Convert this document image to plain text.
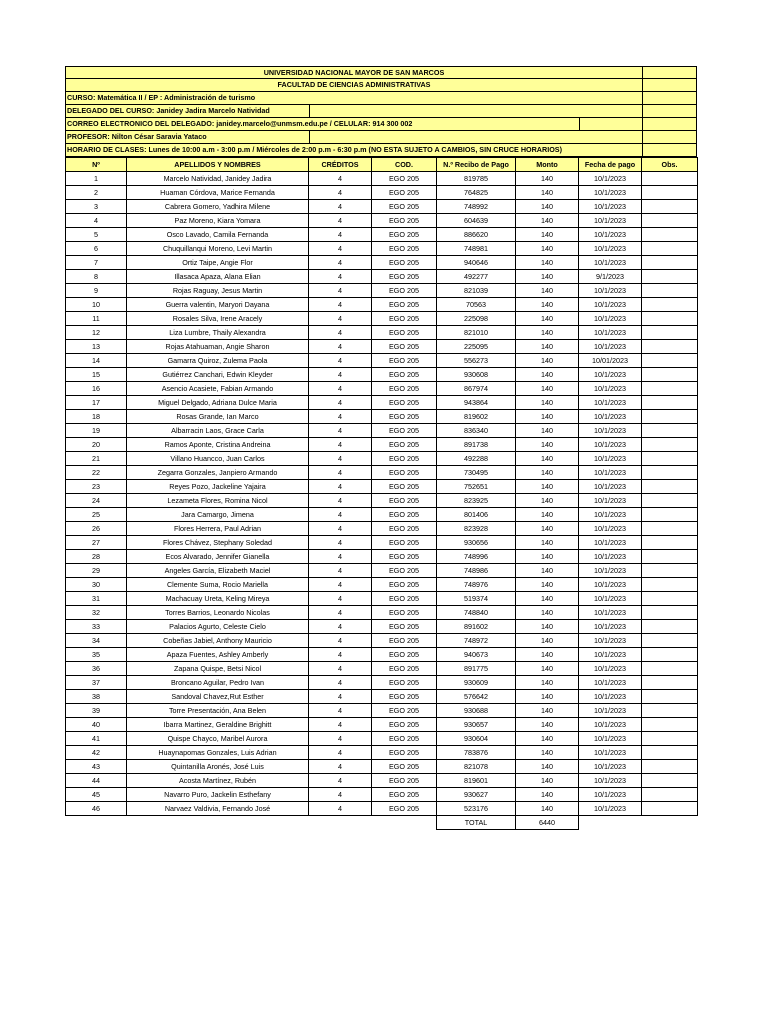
UNIVERSIDAD NACIONAL MAYOR DE SAN MARCOS
FACULTAD DE CIENCIAS ADMINISTRATIVAS
CURSO: Matemática II / EP : Administración de turismo
DELEGADO DEL CURSO: Janidey Jadira Marcelo Natividad
CORREO ELECTRONICO DEL DELEGADO: janidey.marcelo@unmsm.edu.pe / CELULAR: 914 300 002
PROFESOR: Nilton César Saravia Yataco
HORARIO DE CLASES: Lunes de 10:00 a.m - 3:00 p.m / Miércoles de 2:00 p.m - 6:30 p.m (NO ESTA SUJETO A CAMBIOS, SIN CRUCE HORARIOS)
Nº	APELLIDOS Y NOMBRES	CRÉDITOS	COD.	N.º Recibo de Pago	Monto	Fecha de pago	Obs.
1	Marcelo Natividad, Janidey Jadira	4	EGO 205	819785	140	10/1/2023	
2	Huaman Córdova, Marice Fernanda	4	EGO 205	764825	140	10/1/2023	
3	Cabrera Gomero, Yadhira Milene	4	EGO 205	748992	140	10/1/2023	
4	Paz Moreno, Kiara Yomara	4	EGO 205	604639	140	10/1/2023	
5	Osco Lavado, Camila Fernanda	4	EGO 205	886620	140	10/1/2023	
6	Chuquillanqui Moreno, Levi Martin	4	EGO 205	748981	140	10/1/2023	
7	Ortiz Taipe, Angie Flor	4	EGO 205	940646	140	10/1/2023	
8	Illasaca Apaza, Alana Elian	4	EGO 205	492277	140	9/1/2023	
9	Rojas Raguay, Jesus Martin	4	EGO 205	821039	140	10/1/2023	
10	Guerra valentin, Maryori Dayana	4	EGO 205	70563	140	10/1/2023	
11	Rosales Silva, Irene Aracely	4	EGO 205	225098	140	10/1/2023	
12	Liza Lumbre, Thaily Alexandra	4	EGO 205	821010	140	10/1/2023	
13	Rojas Atahuaman, Angie Sharon	4	EGO 205	225095	140	10/1/2023	
14	Gamarra Quiroz, Zulema Paola	4	EGO 205	556273	140	10/01/2023	
15	Gutiérrez Canchari, Edwin Kleyder	4	EGO 205	930608	140	10/1/2023	
16	Asencio Acasiete, Fabian Armando	4	EGO 205	867974	140	10/1/2023	
17	Miguel Delgado, Adriana Dulce Maria	4	EGO 205	943864	140	10/1/2023	
18	Rosas Grande, Ian Marco	4	EGO 205	819602	140	10/1/2023	
19	Albarracin Laos, Grace Carla	4	EGO 205	836340	140	10/1/2023	
20	Ramos Aponte, Cristina Andreina	4	EGO 205	891738	140	10/1/2023	
21	Villano Huancco, Juan Carlos	4	EGO 205	492288	140	10/1/2023	
22	Zegarra Gonzales, Janpiero Armando	4	EGO 205	730495	140	10/1/2023	
23	Reyes Pozo, Jackeline Yajaira	4	EGO 205	752651	140	10/1/2023	
24	Lezameta Flores, Romina Nicol	4	EGO 205	823925	140	10/1/2023	
25	Jara Camargo, Jimena	4	EGO 205	801406	140	10/1/2023	
26	Flores Herrera, Paul Adrian	4	EGO 205	823928	140	10/1/2023	
27	Flores Chávez, Stephany Soledad	4	EGO 205	930656	140	10/1/2023	
28	Ecos Alvarado, Jennifer Gianella	4	EGO 205	748996	140	10/1/2023	
29	Angeles García, Elizabeth Maciel	4	EGO 205	748986	140	10/1/2023	
30	Clemente Suma, Rocio Mariella	4	EGO 205	748976	140	10/1/2023	
31	Machacuay Ureta, Keling Mireya	4	EGO 205	519374	140	10/1/2023	
32	Torres Barrios, Leonardo Nicolas	4	EGO 205	748840	140	10/1/2023	
33	Palacios Agurto, Celeste Cielo	4	EGO 205	891602	140	10/1/2023	
34	Cobeñas Jabiel, Anthony Mauricio	4	EGO 205	748972	140	10/1/2023	
35	Apaza Fuentes, Ashley Amberly	4	EGO 205	940673	140	10/1/2023	
36	Zapana Quispe, Betsi Nicol	4	EGO 205	891775	140	10/1/2023	
37	Broncano Aguilar, Pedro Ivan	4	EGO 205	930609	140	10/1/2023	
38	Sandoval Chavez,Rut Esther	4	EGO 205	576642	140	10/1/2023	
39	Torre Presentación, Ana Belen	4	EGO 205	930688	140	10/1/2023	
40	Ibarra Martinez, Geraldine Brighitt	4	EGO 205	930657	140	10/1/2023	
41	Quispe Chayco, Maribel Aurora	4	EGO 205	930604	140	10/1/2023	
42	Huaynapomas Gonzales, Luis Adrian	4	EGO 205	783876	140	10/1/2023	
43	Quintanilla Aronés, José Luis	4	EGO 205	821078	140	10/1/2023	
44	Acosta Martínez, Rubén	4	EGO 205	819601	140	10/1/2023	
45	Navarro Puro, Jackelin Esthefany	4	EGO 205	930627	140	10/1/2023	
46	Narvaez Valdivia, Fernando José	4	EGO 205	523176	140	10/1/2023	
				TOTAL	6440		
